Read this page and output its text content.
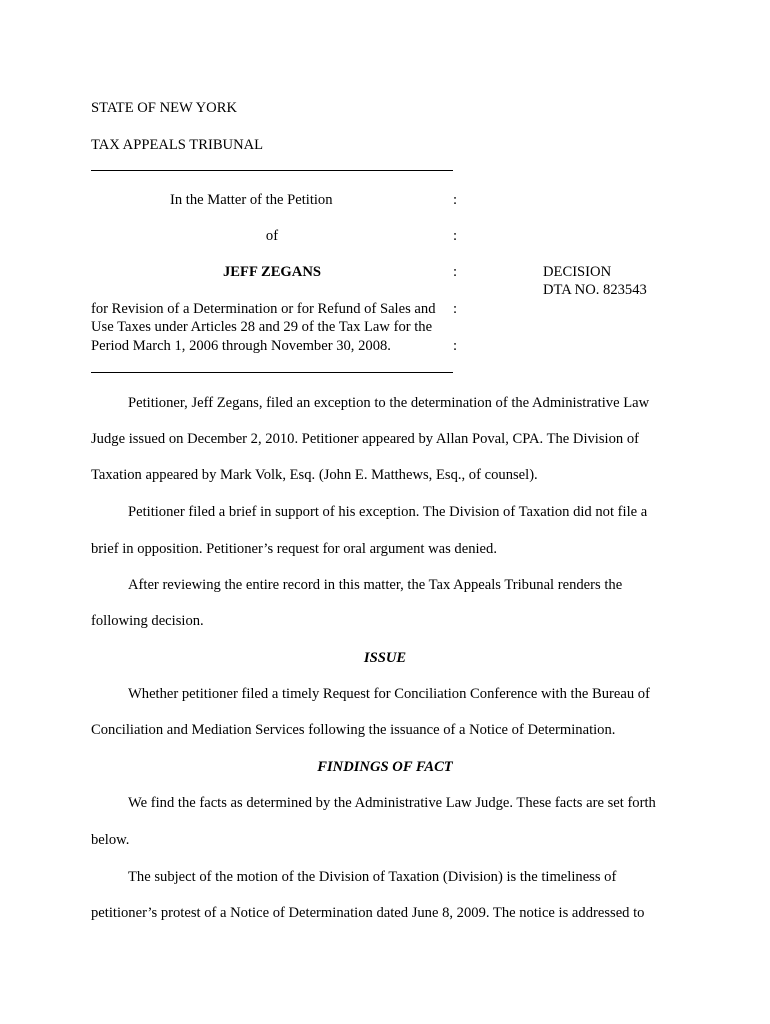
STATE OF NEW YORK
TAX APPEALS TRIBUNAL
In the Matter of the Petition	:
of	:
JEFF ZEGANS	:	DECISION
DTA NO. 823543
for Revision of a Determination or for Refund of Sales and :
Use Taxes under Articles 28 and 29 of the Tax Law for the
Period March 1, 2006 through November 30, 2008.	:
Petitioner, Jeff Zegans, filed an exception to the determination of the Administrative Law
Judge issued on December 2, 2010. Petitioner appeared by Allan Poval, CPA. The Division of
Taxation appeared by Mark Volk, Esq. (John E. Matthews, Esq., of counsel).
Petitioner filed a brief in support of his exception. The Division of Taxation did not file a
brief in opposition. Petitioner’s request for oral argument was denied.
After reviewing the entire record in this matter, the Tax Appeals Tribunal renders the
following decision.
ISSUE
Whether petitioner filed a timely Request for Conciliation Conference with the Bureau of
Conciliation and Mediation Services following the issuance of a Notice of Determination.
FINDINGS OF FACT
We find the facts as determined by the Administrative Law Judge. These facts are set forth
below.
The subject of the motion of the Division of Taxation (Division) is the timeliness of
petitioner’s protest of a Notice of Determination dated June 8, 2009. The notice is addressed to
